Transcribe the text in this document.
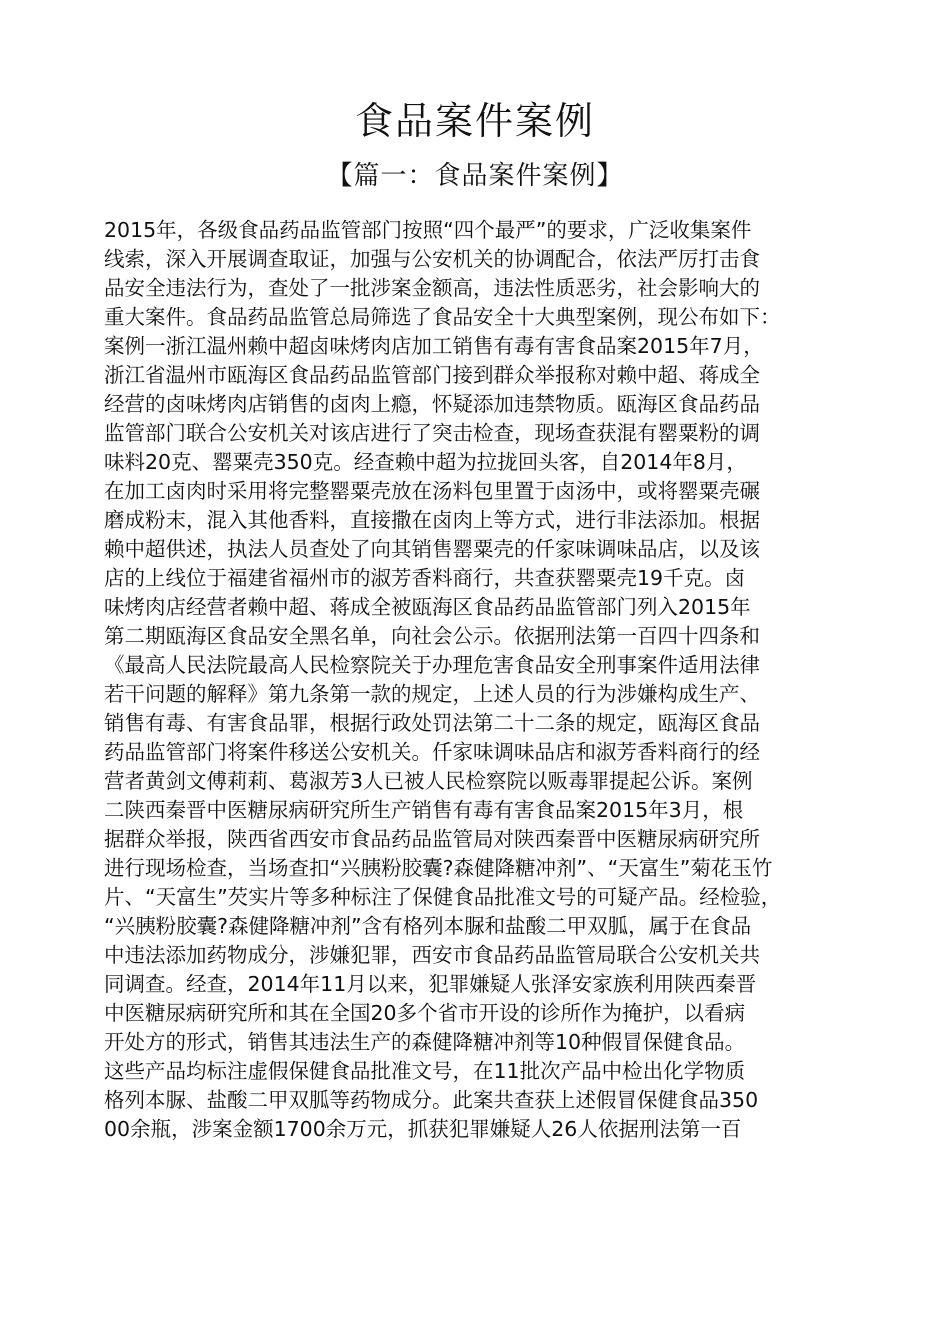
食品案件案例
【篇一：食品案件案例】
2015年，各级食品药品监管部门按照“四个最严”的要求，广泛收集案件
线索，深入开展调查取证，加强与公安机关的协调配合，依法严厉打击食
品安全违法行为，查处了一批涉案金额高，违法性质恶劣，社会影响大的
重大案件。食品药品监管总局筛选了食品安全十大典型案例，现公布如下：
案例一浙江温州赖中超卤味烤肉店加工销售有毒有害食品案2015年7月，
浙江省温州市瓯海区食品药品监管部门接到群众举报称对赖中超、蒋成全
经营的卤味烤肉店销售的卤肉上瘾，怀疑添加违禁物质。瓯海区食品药品
监管部门联合公安机关对该店进行了突击检查，现场查获混有罂粟粉的调
味料20克、罂粟壳350克。经查赖中超为拉拢回头客，自2014年8月，
在加工卤肉时采用将完整罂粟壳放在汤料包里置于卤汤中，或将罂粟壳碾
磨成粉末，混入其他香料，直接撒在卤肉上等方式，进行非法添加。根据
赖中超供述，执法人员查处了向其销售罂粟壳的仟家味调味品店，以及该
店的上线位于福建省福州市的淑芳香料商行，共查获罂粟壳19千克。卤
味烤肉店经营者赖中超、蒋成全被瓯海区食品药品监管部门列入2015年
第二期瓯海区食品安全黑名单，向社会公示。依据刑法第一百四十四条和
《最高人民法院最高人民检察院关于办理危害食品安全刑事案件适用法律
若干问题的解释》第九条第一款的规定，上述人员的行为涉嫌构成生产、
销售有毒、有害食品罪，根据行政处罚法第二十二条的规定，瓯海区食品
药品监管部门将案件移送公安机关。仟家味调味品店和淑芳香料商行的经
营者黄剑文傅莉莉、葛淑芳3人已被人民检察院以贩毒罪提起公诉。案例
二陕西秦晋中医糖尿病研究所生产销售有毒有害食品案2015年3月，根
据群众举报，陕西省西安市食品药品监管局对陕西秦晋中医糖尿病研究所
进行现场检查，当场查扣“兴胰粉胶囊?森健降糖冲剂”、“天富生”菊花玉竹
片、“天富生”芡实片等多种标注了保健食品批准文号的可疑产品。经检验，
“兴胰粉胶囊?森健降糖冲剂”含有格列本脲和盐酸二甲双胍，属于在食品
中违法添加药物成分，涉嫌犯罪，西安市食品药品监管局联合公安机关共
同调查。经查，2014年11月以来，犯罪嫌疑人张泽安家族利用陕西秦晋
中医糖尿病研究所和其在全国20多个省市开设的诊所作为掩护，以看病
开处方的形式，销售其违法生产的森健降糖冲剂等10种假冒保健食品。
这些产品均标注虚假保健食品批准文号，在11批次产品中检出化学物质
格列本脲、盐酸二甲双胍等药物成分。此案共查获上述假冒保健食品350
00余瓶，涉案金额1700余万元，抓获犯罪嫌疑人26人依据刑法第一百
